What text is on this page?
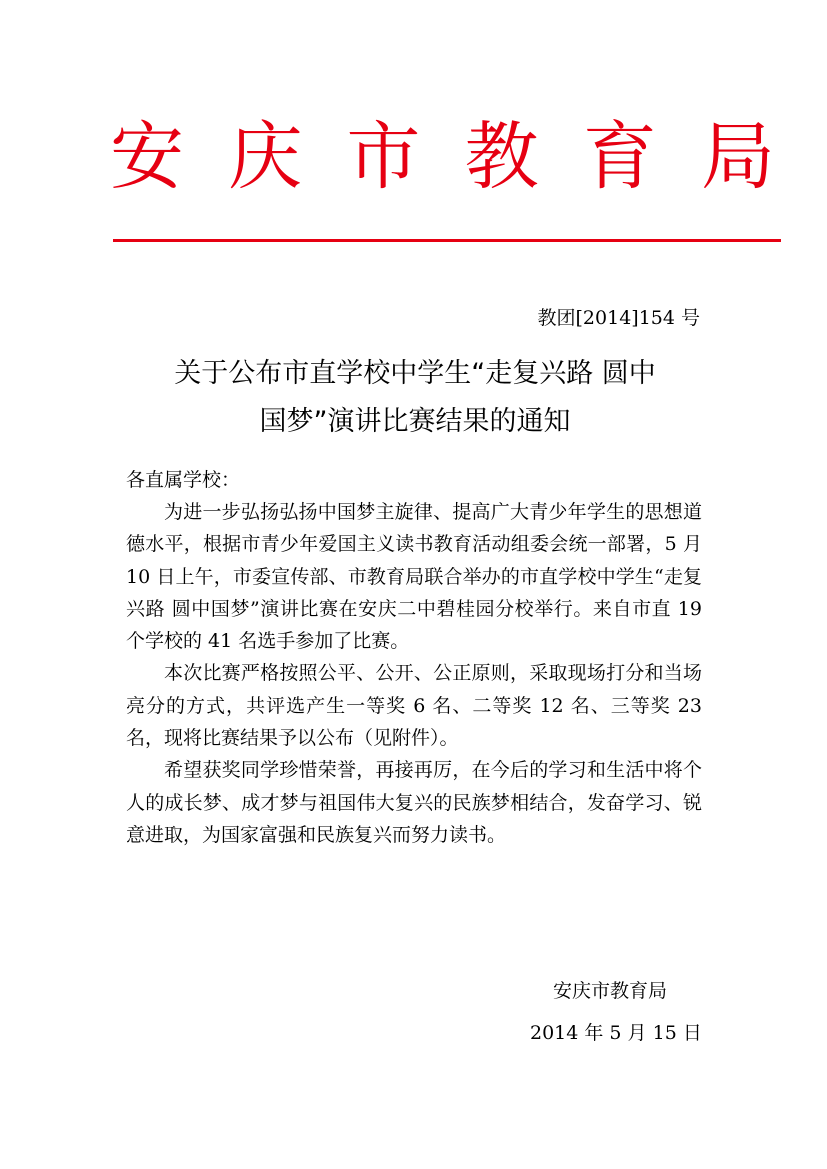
安 庆 市 教 育 局
教团[2014]154 号
关于公布市直学校中学生“走复兴路 圆中
国梦”演讲比赛结果的通知
各直属学校：

为进一步弘扬弘扬中国梦主旋律、提高广大青少年学生的思想道德水平，根据市青少年爱国主义读书教育活动组委会统一部署，5 月 10 日上午，市委宣传部、市教育局联合举办的市直学校中学生“走复兴路 圆中国梦”演讲比赛在安庆二中碧桂园分校举行。来自市直 19 个学校的 41 名选手参加了比赛。

本次比赛严格按照公平、公开、公正原则，采取现场打分和当场亮分的方式，共评选产生一等奖 6 名、二等奖 12 名、三等奖 23 名，现将比赛结果予以公布（见附件）。

希望获奖同学珍惜荣誉，再接再厉，在今后的学习和生活中将个人的成长梦、成才梦与祖国伟大复兴的民族梦相结合，发奋学习、锐意进取，为国家富强和民族复兴而努力读书。

安庆市教育局
2014 年 5 月 15 日
